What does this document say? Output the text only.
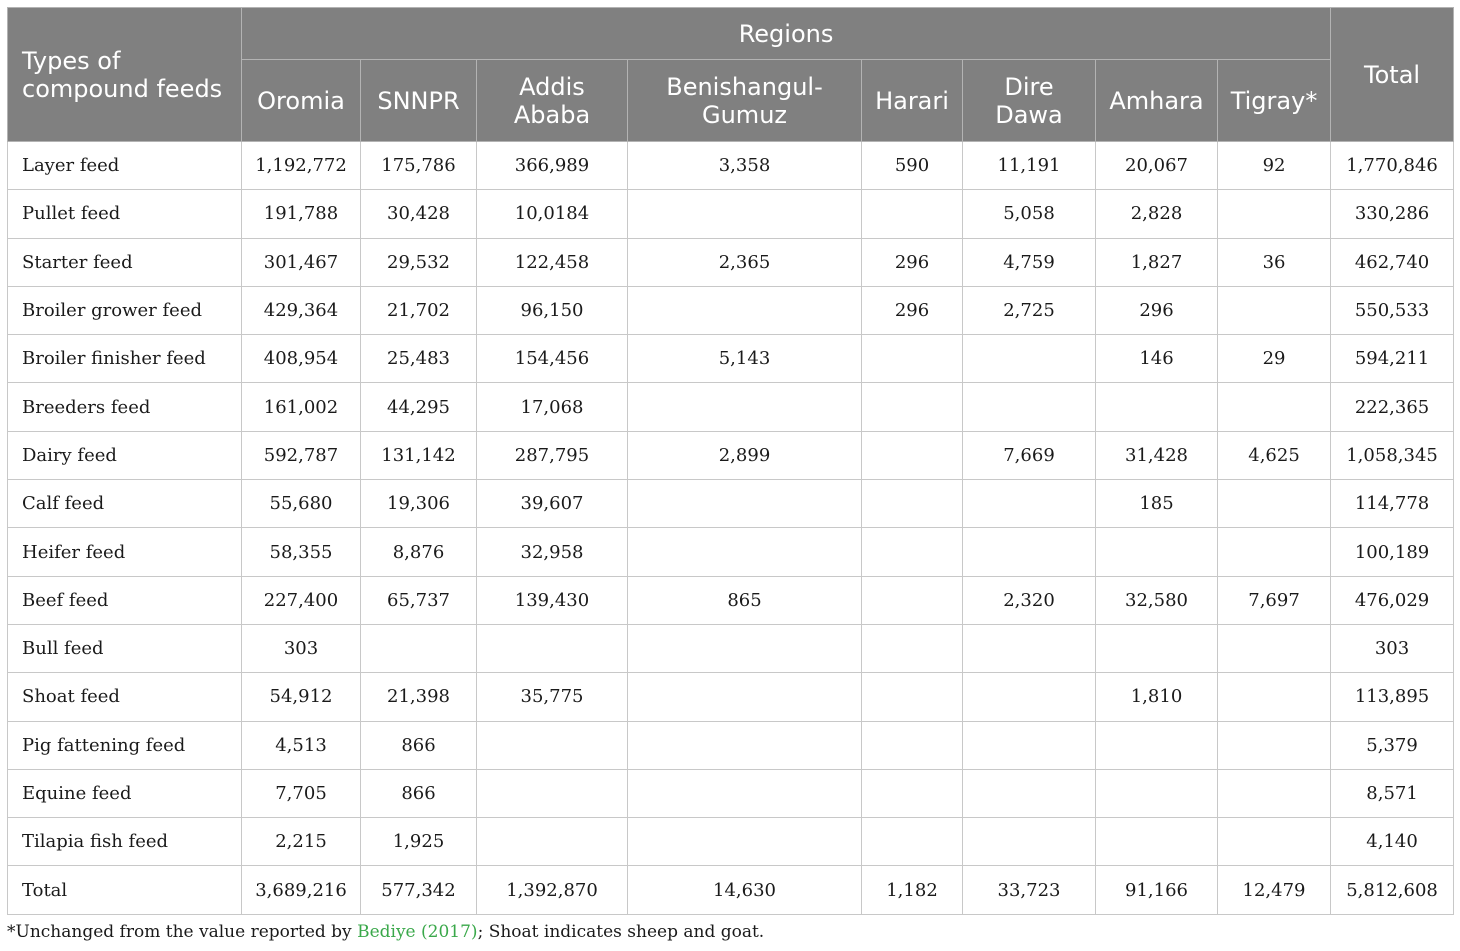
Types of compound feeds	Regions								Total
	Oromia	SNNPR	Addis Ababa	Benishangul-Gumuz	Harari	Dire Dawa	Amhara	Tigray*	
Layer feed	1,192,772	175,786	366,989	3,358	590	11,191	20,067	92	1,770,846
Pullet feed	191,788	30,428	10,0184			5,058	2,828		330,286
Starter feed	301,467	29,532	122,458	2,365	296	4,759	1,827	36	462,740
Broiler grower feed	429,364	21,702	96,150		296	2,725	296		550,533
Broiler finisher feed	408,954	25,483	154,456	5,143			146	29	594,211
Breeders feed	161,002	44,295	17,068						222,365
Dairy feed	592,787	131,142	287,795	2,899		7,669	31,428	4,625	1,058,345
Calf feed	55,680	19,306	39,607				185		114,778
Heifer feed	58,355	8,876	32,958						100,189
Beef feed	227,400	65,737	139,430	865		2,320	32,580	7,697	476,029
Bull feed	303								303
Shoat feed	54,912	21,398	35,775				1,810		113,895
Pig fattening feed	4,513	866							5,379
Equine feed	7,705	866							8,571
Tilapia fish feed	2,215	1,925							4,140
Total	3,689,216	577,342	1,392,870	14,630	1,182	33,723	91,166	12,479	5,812,608
*Unchanged from the value reported by Bediye (2017); Shoat indicates sheep and goat.
